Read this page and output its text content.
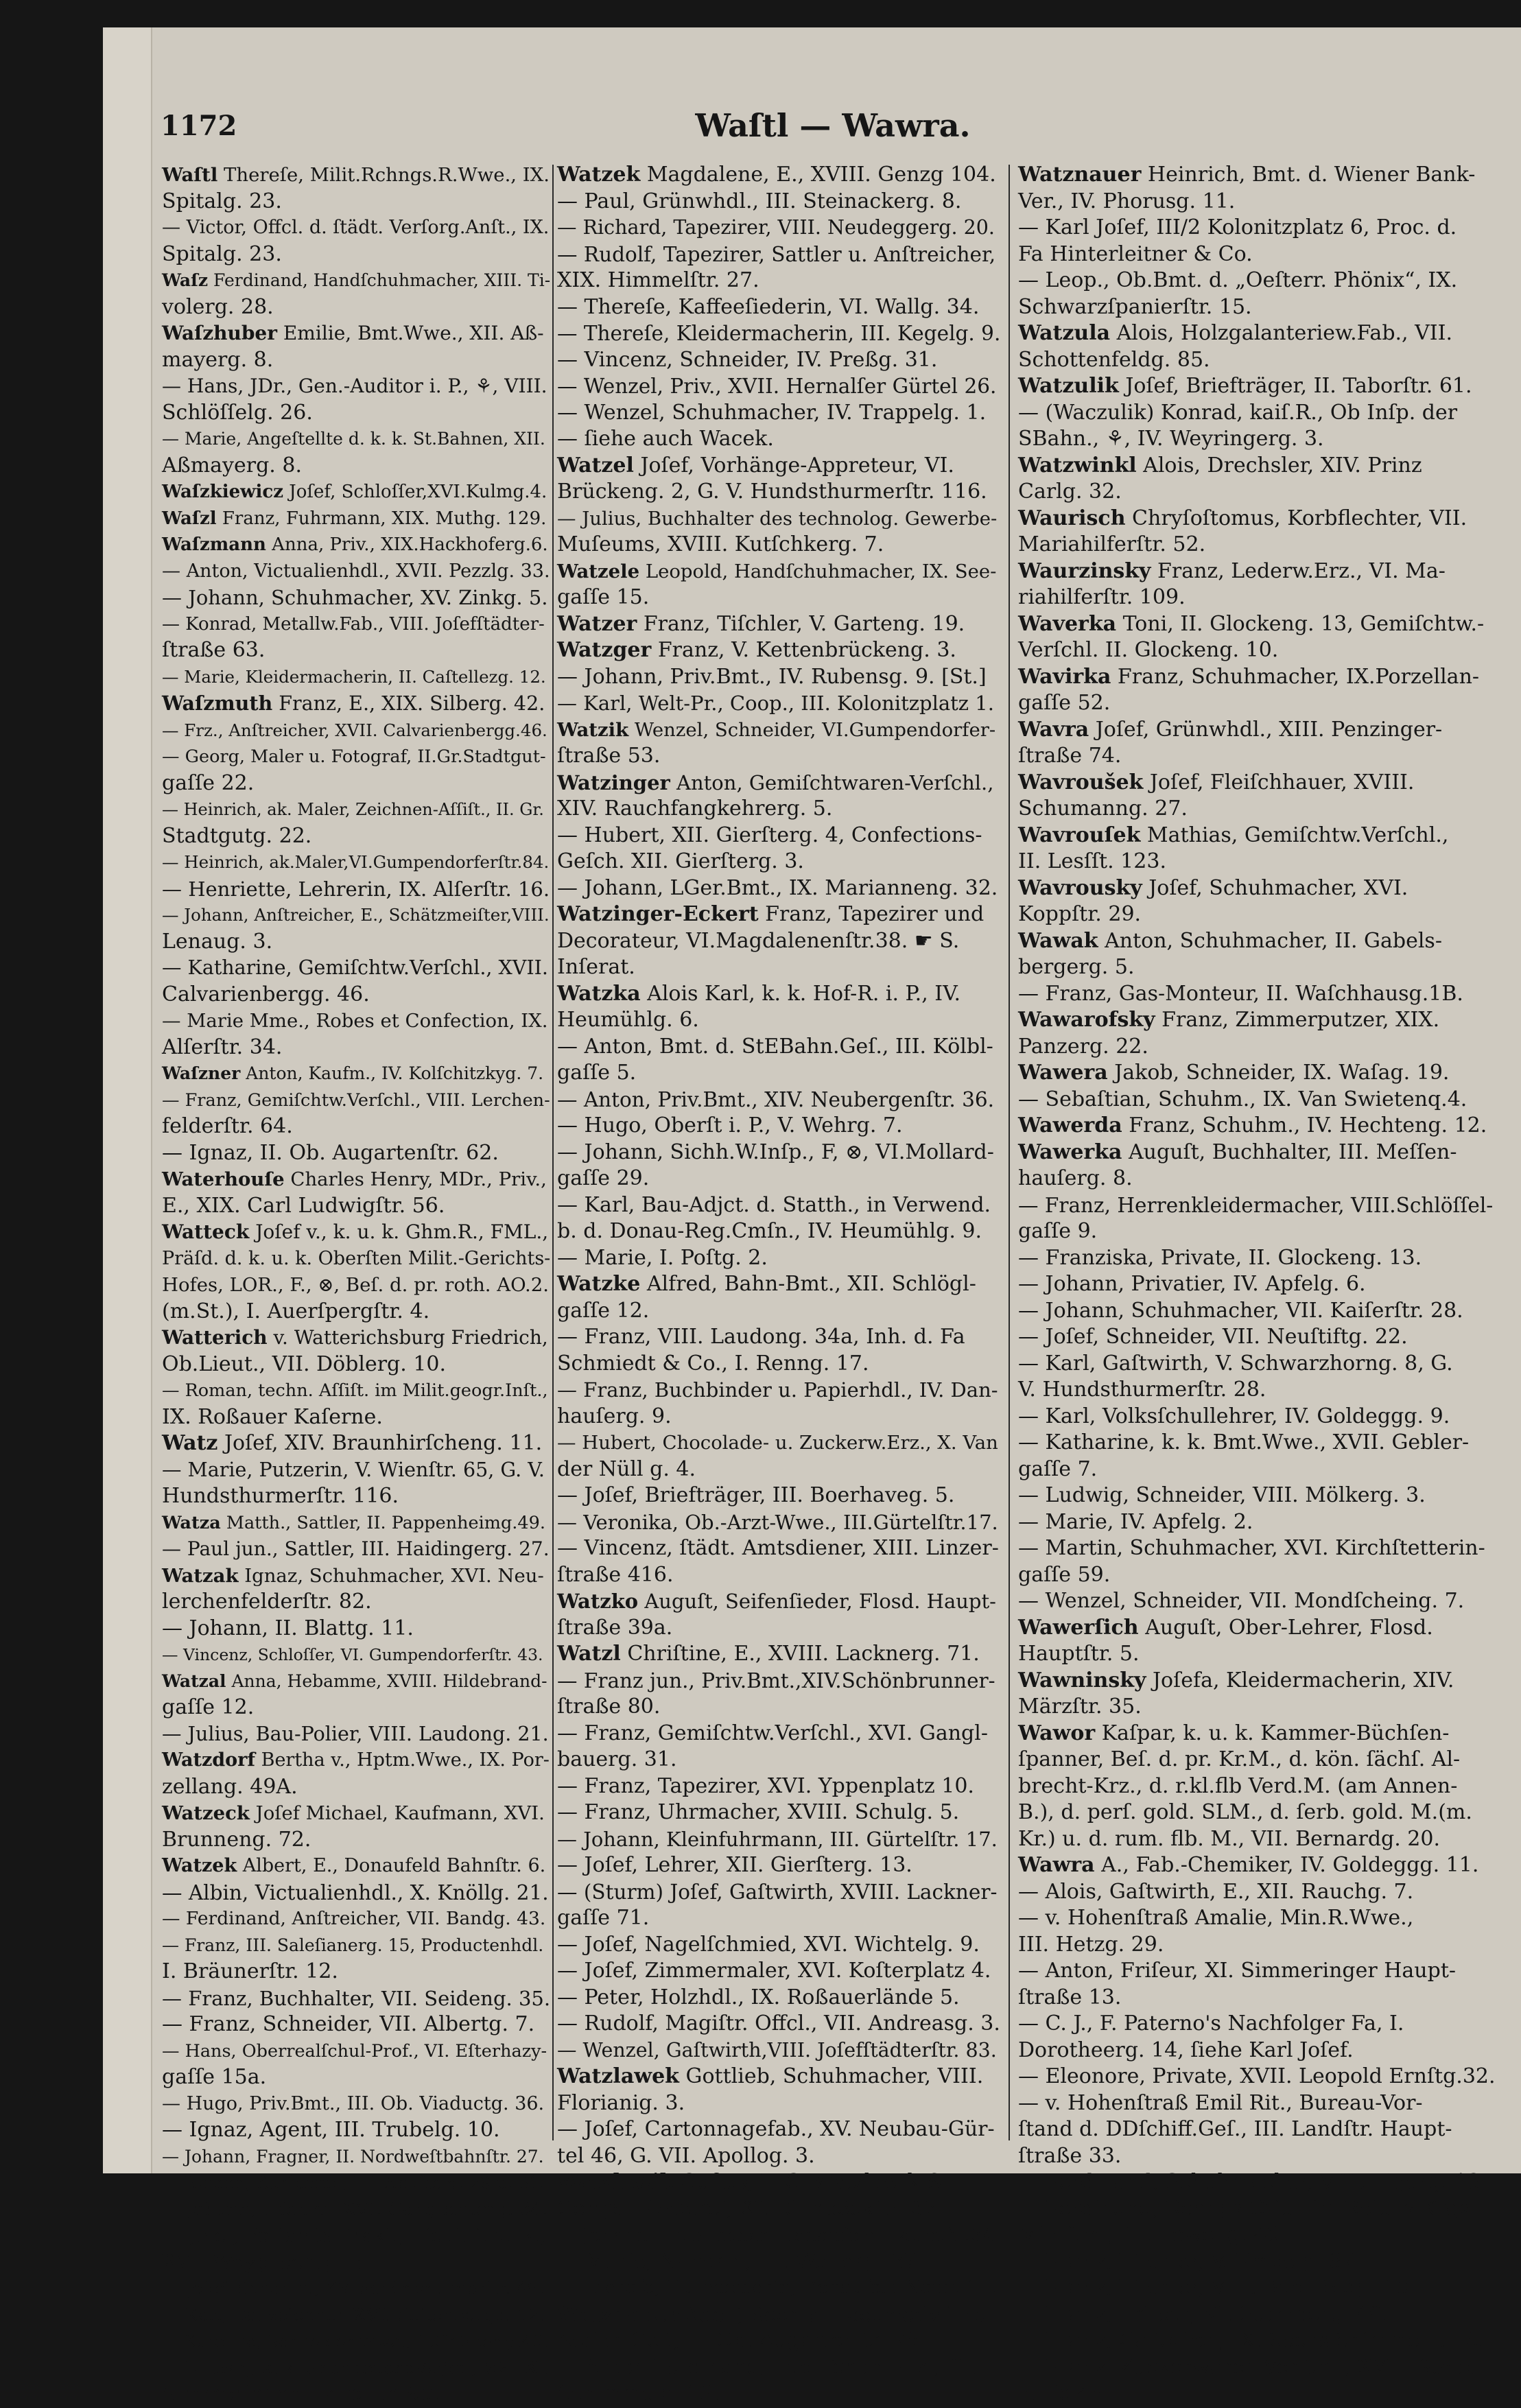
1172	Waſtl — Wawra.
Waſtl Thereſe, Milit.Rchngs.R.Wwe., IX.
Spitalg. 23.
— Victor, Offcl. d. ſtädt. Verſorg.Anſt., IX.
Spitalg. 23.
Waſz Ferdinand, Handſchuhmacher, XIII. Ti-
volerg. 28.
Waſzhuber Emilie, Bmt.Wwe., XII. Aß-
mayerg. 8.
— Hans, JDr., Gen.-Auditor i. P., ⚘, VIII.
Schlöſſelg. 26.
— Marie, Angeſtellte d. k. k. St.Bahnen, XII.
Aßmayerg. 8.
Waſzkiewicz Joſef, Schloſſer,XVI.Kulmg.4.
Waſzl Franz, Fuhrmann, XIX. Muthg. 129.
Waſzmann Anna, Priv., XIX.Hackhoferg.6.
— Anton, Victualienhdl., XVII. Pezzlg. 33.
— Johann, Schuhmacher, XV. Zinkg. 5.
— Konrad, Metallw.Fab., VIII. Joſefſtädter-
ſtraße 63.
— Marie, Kleidermacherin, II. Caſtellezg. 12.
Waſzmuth Franz, E., XIX. Silberg. 42.
— Frz., Anſtreicher, XVII. Calvarienbergg.46.
— Georg, Maler u. Fotograf, II.Gr.Stadtgut-
gaſſe 22.
— Heinrich, ak. Maler, Zeichnen-Aſſiſt., II. Gr.
Stadtgutg. 22.
— Heinrich, ak.Maler,VI.Gumpendorferſtr.84.
— Henriette, Lehrerin, IX. Alſerſtr. 16.
— Johann, Anſtreicher, E., Schätzmeiſter,VIII.
Lenaug. 3.
— Katharine, Gemiſchtw.Verſchl., XVII.
Calvarienbergg. 46.
— Marie Mme., Robes et Confection, IX.
Alſerſtr. 34.
Waſzner Anton, Kaufm., IV. Kolſchitzkyg. 7.
— Franz, Gemiſchtw.Verſchl., VIII. Lerchen-
felderſtr. 64.
— Ignaz, II. Ob. Augartenſtr. 62.
Waterhouſe Charles Henry, MDr., Priv.,
E., XIX. Carl Ludwigſtr. 56.
Watteck Joſef v., k. u. k. Ghm.R., FML.,
Präſd. d. k. u. k. Oberſten Milit.-Gerichts-
Hofes, LOR., F., ⊗, Beſ. d. pr. roth. AO.2.
(m.St.), I. Auerſpergſtr. 4.
Watterich v. Watterichsburg Friedrich,
Ob.Lieut., VII. Döblerg. 10.
— Roman, techn. Aſſiſt. im Milit.geogr.Inſt.,
IX. Roßauer Kaſerne.
Watz Joſef, XIV. Braunhirſcheng. 11.
— Marie, Putzerin, V. Wienſtr. 65, G. V.
Hundsthurmerſtr. 116.
Watza Matth., Sattler, II. Pappenheimg.49.
— Paul jun., Sattler, III. Haidingerg. 27.
Watzak Ignaz, Schuhmacher, XVI. Neu-
lerchenfelderſtr. 82.
— Johann, II. Blattg. 11.
— Vincenz, Schloſſer, VI. Gumpendorferſtr. 43.
Watzal Anna, Hebamme, XVIII. Hildebrand-
gaſſe 12.
— Julius, Bau-Polier, VIII. Laudong. 21.
Watzdorf Bertha v., Hptm.Wwe., IX. Por-
zellang. 49A.
Watzeck Joſef Michael, Kaufmann, XVI.
Brunneng. 72.
Watzek Albert, E., Donaufeld Bahnſtr. 6.
— Albin, Victualienhdl., X. Knöllg. 21.
— Ferdinand, Anſtreicher, VII. Bandg. 43.
— Franz, III. Saleſianerg. 15, Productenhdl.
I. Bräunerſtr. 12.
— Franz, Buchhalter, VII. Seideng. 35.
— Franz, Schneider, VII. Albertg. 7.
— Hans, Oberrealſchul-Prof., VI. Eſterhazy-
gaſſe 15a.
— Hugo, Priv.Bmt., III. Ob. Viaductg. 36.
— Ignaz, Agent, III. Trubelg. 10.
— Johann, Fragner, II. Nordweſtbahnſtr. 27.
— Johann, Kürſchner, III. Apoſtelg. 29 u. 31.
— Johann, Tiſchler, XVI. Ganglbauerg. 34.
— Joſef, Poſtamts-Prakt., Lieut. i. d. R.,
XVI. Weyprechtg. 5.
— Joſef, Schuhm., XV. Schönbrunnerſtr. 49.
— Karl, Bauzeichner, XVI. Seitenbergg. 12.
— Karoline, Schneider-Wwe., II.Gr.Sperlg.43.
— Ludwig, k. k. Grundbuchs-Adjct., ⊙2., XI.
Simmeringer Hauptſtr. 90.
Watzek Magdalene, E., XVIII. Genzg 104.
— Paul, Grünwhdl., III. Steinackerg. 8.
— Richard, Tapezirer, VIII. Neudeggerg. 20.
— Rudolf, Tapezirer, Sattler u. Anſtreicher,
XIX. Himmelſtr. 27.
— Thereſe, Kaffeeſiederin, VI. Wallg. 34.
— Thereſe, Kleidermacherin, III. Kegelg. 9.
— Vincenz, Schneider, IV. Preßg. 31.
— Wenzel, Priv., XVII. Hernalſer Gürtel 26.
— Wenzel, Schuhmacher, IV. Trappelg. 1.
— ſiehe auch Wacek.
Watzel Joſef, Vorhänge-Appreteur, VI.
Brückeng. 2, G. V. Hundsthurmerſtr. 116.
— Julius, Buchhalter des technolog. Gewerbe-
Muſeums, XVIII. Kutſchkerg. 7.
Watzele Leopold, Handſchuhmacher, IX. See-
gaſſe 15.
Watzer Franz, Tiſchler, V. Garteng. 19.
Watzger Franz, V. Kettenbrückeng. 3.
— Johann, Priv.Bmt., IV. Rubensg. 9. [St.]
— Karl, Welt-Pr., Coop., III. Kolonitzplatz 1.
Watzik Wenzel, Schneider, VI.Gumpendorfer-
ſtraße 53.
Watzinger Anton, Gemiſchtwaren-Verſchl.,
XIV. Rauchfangkehrerg. 5.
— Hubert, XII. Gierſterg. 4, Confections-
Geſch. XII. Gierſterg. 3.
— Johann, LGer.Bmt., IX. Marianneng. 32.
Watzinger-Eckert Franz, Tapezirer und
Decorateur, VI.Magdalenenſtr.38. ☛ S.
Inſerat.
Watzka Alois Karl, k. k. Hof-R. i. P., IV.
Heumühlg. 6.
— Anton, Bmt. d. StEBahn.Geſ., III. Kölbl-
gaſſe 5.
— Anton, Priv.Bmt., XIV. Neubergenſtr. 36.
— Hugo, Oberſt i. P., V. Wehrg. 7.
— Johann, Sichh.W.Inſp., F, ⊗, VI.Mollard-
gaſſe 29.
— Karl, Bau-Adjct. d. Statth., in Verwend.
b. d. Donau-Reg.Cmſn., IV. Heumühlg. 9.
— Marie, I. Poſtg. 2.
Watzke Alfred, Bahn-Bmt., XII. Schlögl-
gaſſe 12.
— Franz, VIII. Laudong. 34a, Inh. d. Fa
Schmiedt & Co., I. Renng. 17.
— Franz, Buchbinder u. Papierhdl., IV. Dan-
hauſerg. 9.
— Hubert, Chocolade- u. Zuckerw.Erz., X. Van
der Nüll g. 4.
— Joſef, Briefträger, III. Boerhaveg. 5.
— Veronika, Ob.-Arzt-Wwe., III.Gürtelſtr.17.
— Vincenz, ſtädt. Amtsdiener, XIII. Linzer-
ſtraße 416.
Watzko Auguſt, Seifenſieder, Flosd. Haupt-
ſtraße 39a.
Watzl Chriſtine, E., XVIII. Lacknerg. 71.
— Franz jun., Priv.Bmt.,XIV.Schönbrunner-
ſtraße 80.
— Franz, Gemiſchtw.Verſchl., XVI. Gangl-
bauerg. 31.
— Franz, Tapezirer, XVI. Yppenplatz 10.
— Franz, Uhrmacher, XVIII. Schulg. 5.
— Johann, Kleinfuhrmann, III. Gürtelſtr. 17.
— Joſef, Lehrer, XII. Gierſterg. 13.
— (Sturm) Joſef, Gaſtwirth, XVIII. Lackner-
gaſſe 71.
— Joſef, Nagelſchmied, XVI. Wichtelg. 9.
— Joſef, Zimmermaler, XVI. Koſterplatz 4.
— Peter, Holzhdl., IX. Roßauerlände 5.
— Rudolf, Magiſtr. Offcl., VII. Andreasg. 3.
— Wenzel, Gaſtwirth,VIII. Joſefſtädterſtr. 83.
Watzlawek Gottlieb, Schuhmacher, VIII.
Florianig. 3.
— Joſef, Cartonnagefab., XV. Neubau-Gür-
tel 46, G. VII. Apollog. 3.
Watzlawik Guſtav, F. G. Watzlawik &
Comp., Färberei, XI. Rinnböckſtr. 32
— Johann, Hutmacher, Donaufeld Hauptſtr.34.
— Marie, Näherin, III. Waſſerg. 27.
— Thereſe, Hutmacherin, Donaufeld Neug. 11.
Watznauer Adolf, Secr. d. Locomotiv-Fab.-
Actien-Geſ., II. Ob. Augartenſtr. 76.
— Anton Ferdinand, Tuchſchuh-Erz., III.
Schimmelg. 13.
Watznauer Heinrich, Bmt. d. Wiener Bank-
Ver., IV. Phorusg. 11.
— Karl Joſef, III/2 Kolonitzplatz 6, Proc. d.
Fa Hinterleitner & Co.
— Leop., Ob.Bmt. d. „Oeſterr. Phönix“, IX.
Schwarzſpanierſtr. 15.
Watzula Alois, Holzgalanteriew.Fab., VII.
Schottenfeldg. 85.
Watzulik Joſef, Briefträger, II. Taborſtr. 61.
— (Waczulik) Konrad, kaiſ.R., Ob Inſp. der
SBahn., ⚘, IV. Weyringerg. 3.
Watzwinkl Alois, Drechsler, XIV. Prinz
Carlg. 32.
Waurisch Chryſoſtomus, Korbflechter, VII.
Mariahilferſtr. 52.
Waurzinsky Franz, Lederw.Erz., VI. Ma-
riahilferſtr. 109.
Waverka Toni, II. Glockeng. 13, Gemiſchtw.-
Verſchl. II. Glockeng. 10.
Wavirka Franz, Schuhmacher, IX.Porzellan-
gaſſe 52.
Wavra Joſef, Grünwhdl., XIII. Penzinger-
ſtraße 74.
Wavroušek Joſef, Fleiſchhauer, XVIII.
Schumanng. 27.
Wavrouſek Mathias, Gemiſchtw.Verſchl.,
II. Lesſſt. 123.
Wavrousky Joſef, Schuhmacher, XVI.
Koppſtr. 29.
Wawak Anton, Schuhmacher, II. Gabels-
bergerg. 5.
— Franz, Gas-Monteur, II. Waſchhausg.1B.
Wawarofsky Franz, Zimmerputzer, XIX.
Panzerg. 22.
Wawera Jakob, Schneider, IX. Waſag. 19.
— Sebaſtian, Schuhm., IX. Van Swietenq.4.
Wawerda Franz, Schuhm., IV. Hechteng. 12.
Wawerka Auguſt, Buchhalter, III. Meſſen-
hauſerg. 8.
— Franz, Herrenkleidermacher, VIII.Schlöſſel-
gaſſe 9.
— Franziska, Private, II. Glockeng. 13.
— Johann, Privatier, IV. Apfelg. 6.
— Johann, Schuhmacher, VII. Kaiſerſtr. 28.
— Joſef, Schneider, VII. Neuſtiftg. 22.
— Karl, Gaſtwirth, V. Schwarzhorng. 8, G.
V. Hundsthurmerſtr. 28.
— Karl, Volksſchullehrer, IV. Goldeggg. 9.
— Katharine, k. k. Bmt.Wwe., XVII. Gebler-
gaſſe 7.
— Ludwig, Schneider, VIII. Mölkerg. 3.
— Marie, IV. Apfelg. 2.
— Martin, Schuhmacher, XVI. Kirchſtetterin-
gaſſe 59.
— Wenzel, Schneider, VII. Mondſcheing. 7.
Wawerſich Auguſt, Ober-Lehrer, Flosd.
Hauptſtr. 5.
Wawninsky Joſefa, Kleidermacherin, XIV.
Märzſtr. 35.
Wawor Kaſpar, k. u. k. Kammer-Büchſen-
ſpanner, Beſ. d. pr. Kr.M., d. kön. ſächſ. Al-
brecht-Krz., d. r.kl.flb Verd.M. (am Annen-
B.), d. perſ. gold. SLM., d. ſerb. gold. M.(m.
Kr.) u. d. rum. flb. M., VII. Bernardg. 20.
Wawra A., Fab.-Chemiker, IV. Goldeggg. 11.
— Alois, Gaſtwirth, E., XII. Rauchg. 7.
— v. Hohenſtraß Amalie, Min.R.Wwe.,
III. Hetzg. 29.
— Anton, Friſeur, XI. Simmeringer Haupt-
ſtraße 13.
— C. J., F. Paterno's Nachfolger Fa, I.
Dorotheerg. 14, ſiehe Karl Joſef.
— Eleonore, Private, XVII. Leopold Ernſtg.32.
— v. Hohenſtraß Emil Rit., Bureau-Vor-
ſtand d. DDſchiff.Geſ., III. Landſtr. Haupt-
ſtraße 33.
— Ferdinand, Schuhmacher, VIII. Tigerg. 13.
— Ferdinand, Rchngs.Offcl. im Reichs-Krgs.-
Miniſtm., III. Löweng. 40.
— Franz, Tiſchler, V. Embelg. 67.
— Franz, Tiſchler, VIII. Buchfeldg. 10.
— Franz, Friſeur, VI. Stumperg. 49.
— Franz, Gaſtwirth, IX. Sechsſchimmelg. 16.
— Franz, Zuckerwaren-Verſchl., XVIII.Staud-
gaſſe 45.
